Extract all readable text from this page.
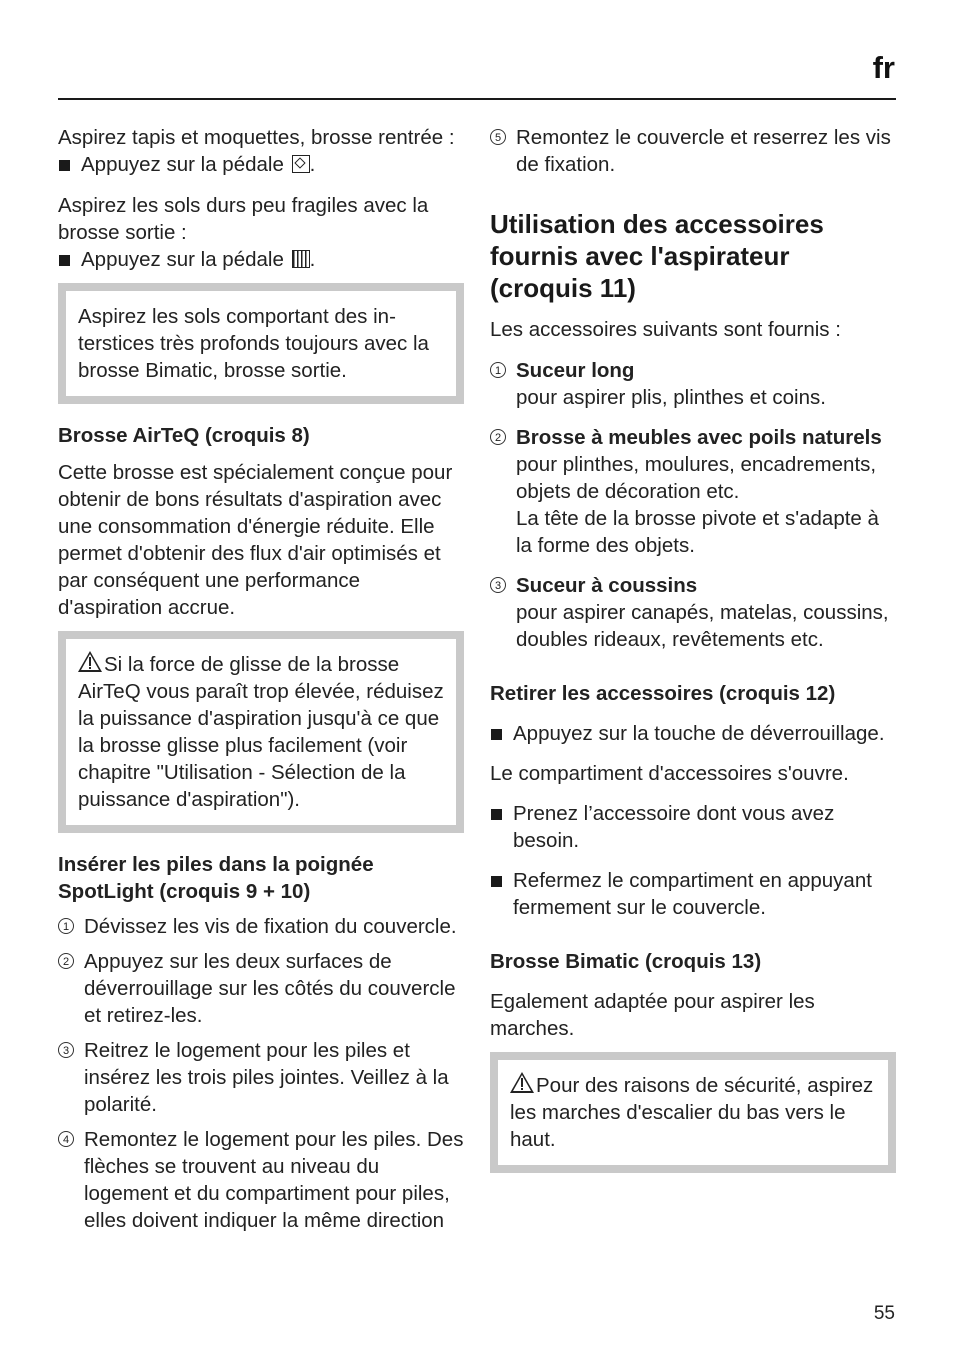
fr

Aspirez tapis et moquettes, brosse rentrée :

Appuyez sur la pédale .

Aspirez les sols durs peu fragiles avec la brosse sortie :

Appuyez sur la pédale .

Aspirez les sols comportant des interstices très profonds toujours avec la brosse Bimatic, brosse sortie.

Brosse AirTeQ (croquis 8)

Cette brosse est spécialement conçue pour obtenir de bons résultats d'aspiration avec une consommation d'énergie réduite. Elle permet d'obtenir des flux d'air optimisés et par conséquent une performance d'aspiration accrue.

Si la force de glisse de la brosse AirTeQ vous paraît trop élevée, réduisez la puissance d'aspiration jusqu'à ce que la brosse glisse plus facilement (voir chapitre "Utilisation - Sélection de la puissance d'aspiration").

Insérer les piles dans la poignée SpotLight (croquis 9 + 10)

1 Dévissez les vis de fixation du couvercle.

2 Appuyez sur les deux surfaces de déverrouillage sur les côtés du couvercle et retirez-les.

3 Reitrez le logement pour les piles et insérez les trois piles jointes. Veillez à la polarité.

4 Remontez le logement pour les piles. Des flèches se trouvent au niveau du logement et du compartiment pour piles, elles doivent indiquer la même direction

5 Remontez le couvercle et reserrez les vis de fixation.

Utilisation des accessoires fournis avec l'aspirateur (croquis 11)

Les accessoires suivants sont fournis :

1 Suceur long

pour aspirer plis, plinthes et coins.

2 Brosse à meubles avec poils naturels

pour plinthes, moulures, encadrements, objets de décoration etc.

La tête de la brosse pivote et s'adapte à la forme des objets.

3 Suceur à coussins

pour aspirer canapés, matelas, coussins, doubles rideaux, revêtements etc.

Retirer les accessoires (croquis 12)

Appuyez sur la touche de déverrouillage.

Le compartiment d'accessoires s'ouvre.

Prenez l’accessoire dont vous avez besoin.

Refermez le compartiment en appuyant fermement sur le couvercle.

Brosse Bimatic (croquis 13)

Egalement adaptée pour aspirer les marches.

Pour des raisons de sécurité, aspirez les marches d'escalier du bas vers le haut.

55
